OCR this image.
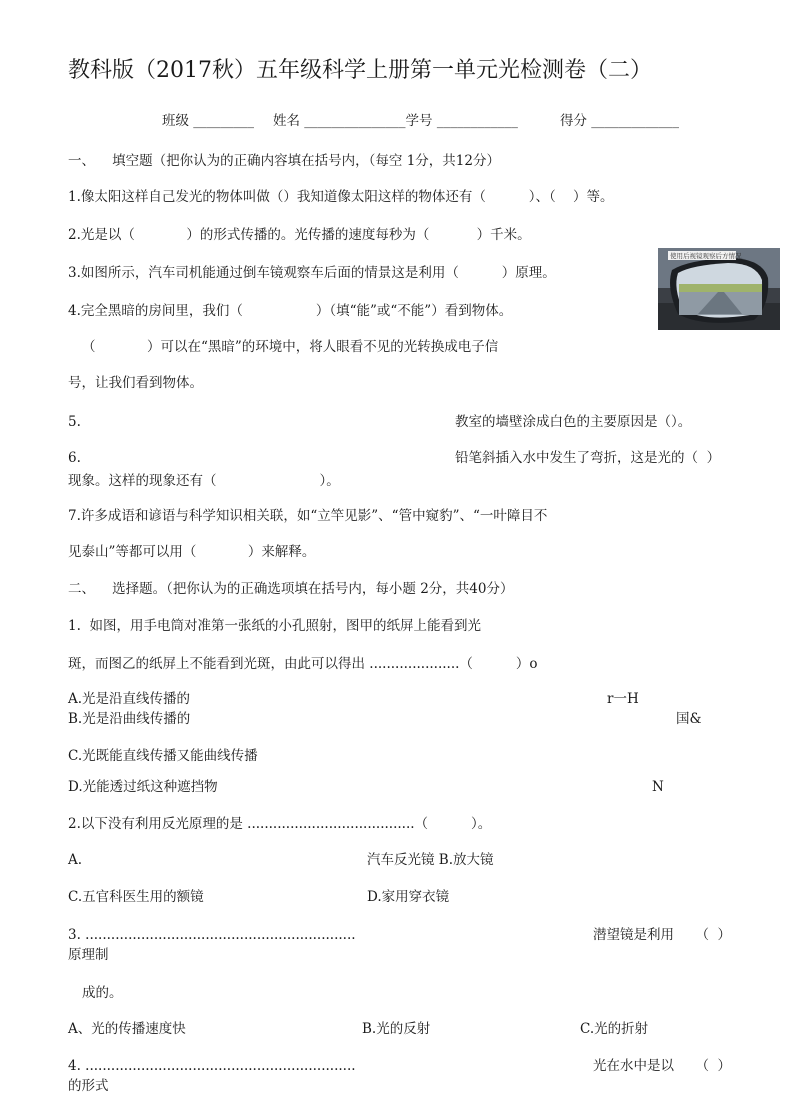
教科版（2017秋）五年级科学上册第一单元光检测卷（二）
班级 _________ 姓名 _______________学号 ____________	得分 _____________
一、    填空题（把你认为的正确内容填在括号内，（每空 1分，共12分）
1.像太阳这样自己发光的物体叫做（）我知道像太阳这样的物体还有（          ）、（    ）等。
2.光是以（            ）的形式传播的。光传播的速度每秒为（           ）千米。
3.如图所示，汽车司机能通过倒车镜观察车后面的情景这是利用（          ）原理。
4.完全黑暗的房间里，我们（                 ）（填“能”或“不能”）看到物体。
（            ）可以在“黑暗”的环境中，将人眼看不见的光转换成电子信
号，让我们看到物体。
5.	教室的墙壁涂成白色的主要原因是（）。
6.	铅笔斜插入水中发生了弯折，这是光的（  ）
现象。这样的现象还有（                        ）。
7.许多成语和谚语与科学知识相关联，如“立竿见影”、“管中窥豹”、“一叶障目不
见泰山”等都可以用（            ）来解释。
二、    选择题。（把你认为的正确选项填在括号内，每小题 2分，共40分）
1.  如图，用手电筒对准第一张纸的小孔照射，图甲的纸屏上能看到光
斑，而图乙的纸屏上不能看到光斑，由此可以得出 .....................（          ）o
A.光是沿直线传播的
B.光是沿曲线传播的
C.光既能直线传播又能曲线传播
D.光能透过纸这种遮挡物
r一H
国&
N
2.以下没有利用反光原理的是 .......................................（          ）。
A.	汽车反光镜 B.放大镜
C.五官科医生用的额镜	D.家用穿衣镜
3. ...............................................................	潜望镜是利用     （  ）
原理制
成的。
A、光的传播速度快	B.光的反射	C.光的折射
4. ...............................................................	光在水中是以     （  ）
的形式
使用后视镜观察后方情况
